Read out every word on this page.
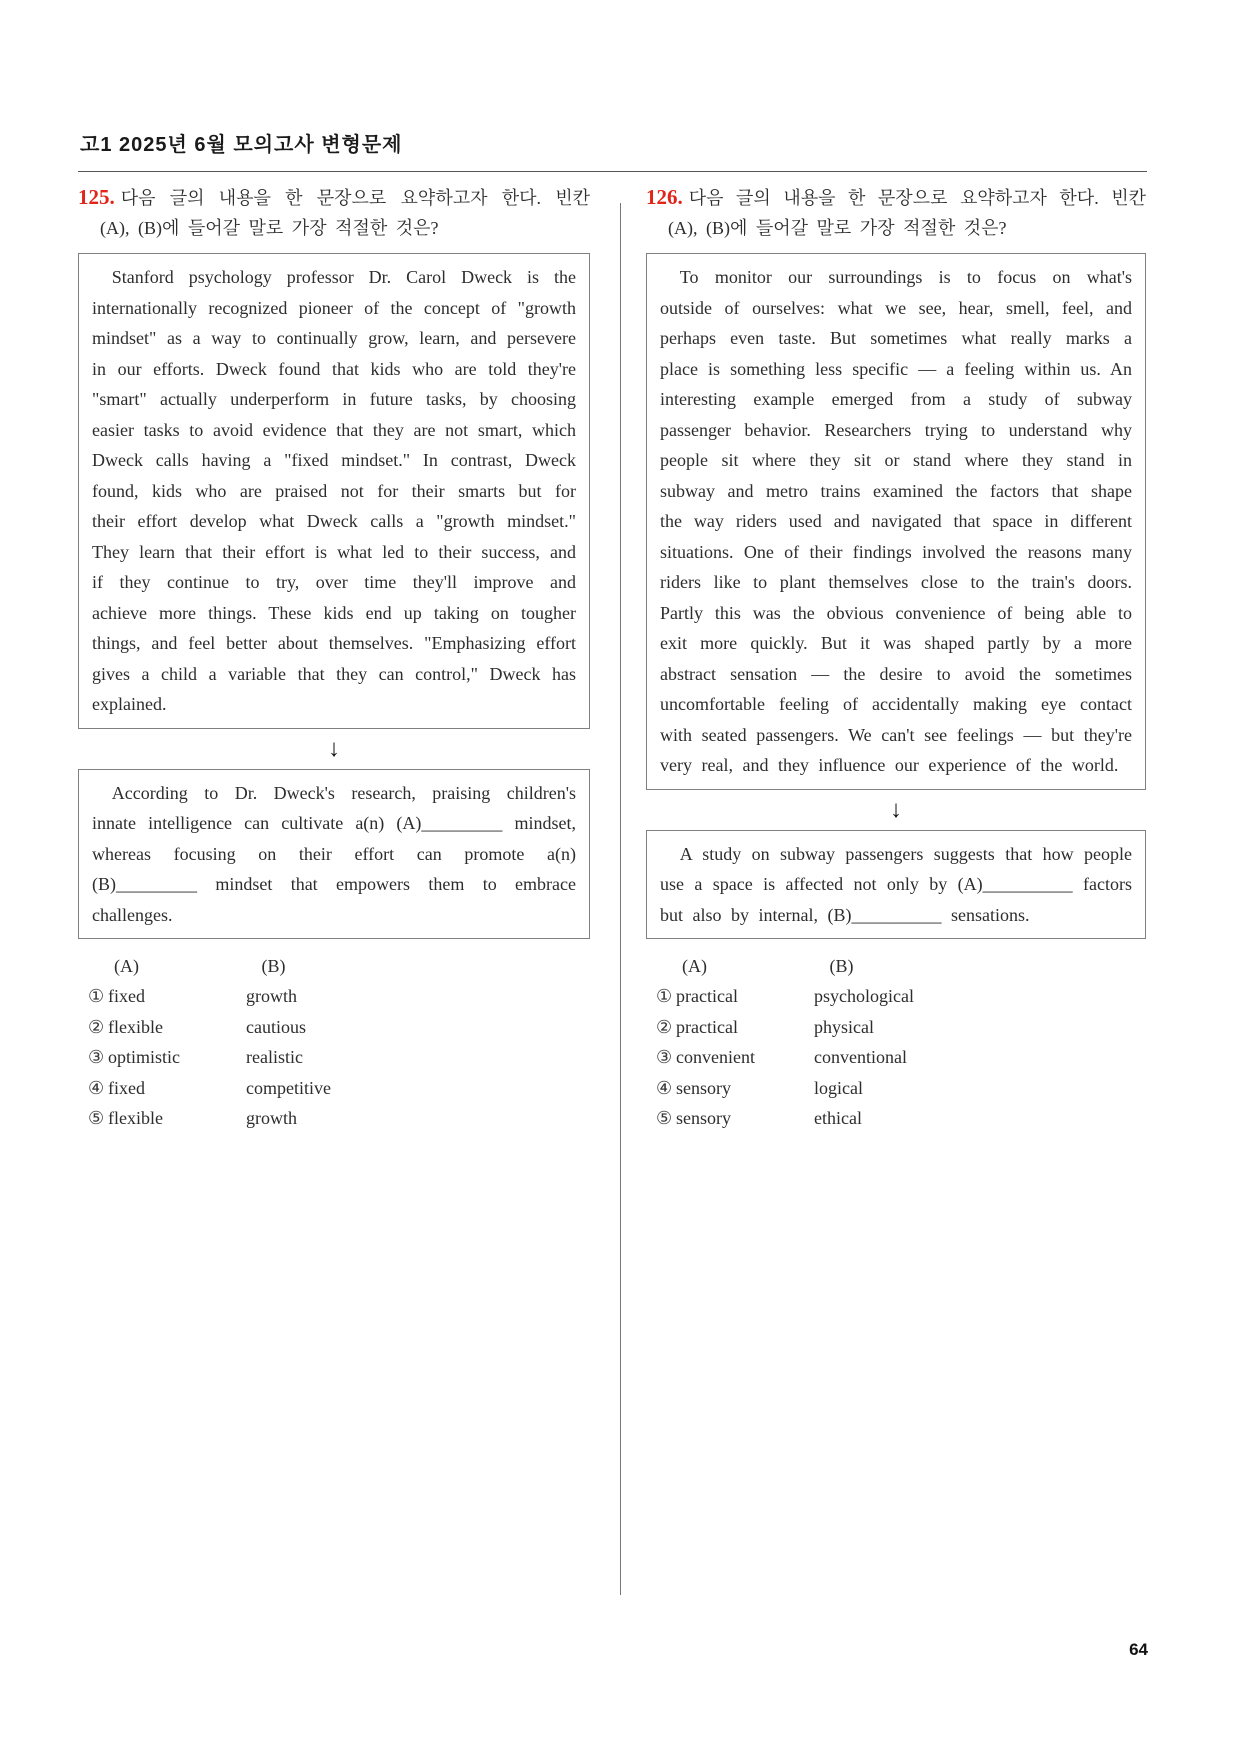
고1 2025년 6월 모의고사 변형문제
125. 다음 글의 내용을 한 문장으로 요약하고자 한다. 빈칸
(A), (B)에 들어갈 말로 가장 적절한 것은?

Stanford psychology professor Dr. Carol Dweck is the internationally recognized pioneer of the concept of "growth mindset" as a way to continually grow, learn, and persevere in our efforts. Dweck found that kids who are told they're "smart" actually underperform in future tasks, by choosing easier tasks to avoid evidence that they are not smart, which Dweck calls having a "fixed mindset." In contrast, Dweck found, kids who are praised not for their smarts but for their effort develop what Dweck calls a "growth mindset." They learn that their effort is what led to their success, and if they continue to try, over time they'll improve and achieve more things. These kids end up taking on tougher things, and feel better about themselves. "Emphasizing effort gives a child a variable that they can control," Dweck has explained.

↓

According to Dr. Dweck's research, praising children's innate intelligence can cultivate a(n) (A)_________ mindset, whereas focusing on their effort can promote a(n) (B)_________ mindset that empowers them to embrace challenges.

(A)	(B)
① fixed	growth
② flexible	cautious
③ optimistic	realistic
④ fixed	competitive
⑤ flexible	growth
126. 다음 글의 내용을 한 문장으로 요약하고자 한다. 빈칸
(A), (B)에 들어갈 말로 가장 적절한 것은?

To monitor our surroundings is to focus on what's outside of ourselves: what we see, hear, smell, feel, and perhaps even taste. But sometimes what really marks a place is something less specific — a feeling within us. An interesting example emerged from a study of subway passenger behavior. Researchers trying to understand why people sit where they sit or stand where they stand in subway and metro trains examined the factors that shape the way riders used and navigated that space in different situations. One of their findings involved the reasons many riders like to plant themselves close to the train's doors. Partly this was the obvious convenience of being able to exit more quickly. But it was shaped partly by a more abstract sensation — the desire to avoid the sometimes uncomfortable feeling of accidentally making eye contact with seated passengers. We can't see feelings — but they're very real, and they influence our experience of the world.

↓

A study on subway passengers suggests that how people use a space is affected not only by (A)__________ factors but also by internal, (B)__________ sensations.

(A)	(B)
① practical	psychological
② practical	physical
③ convenient	conventional
④ sensory	logical
⑤ sensory	ethical
64
